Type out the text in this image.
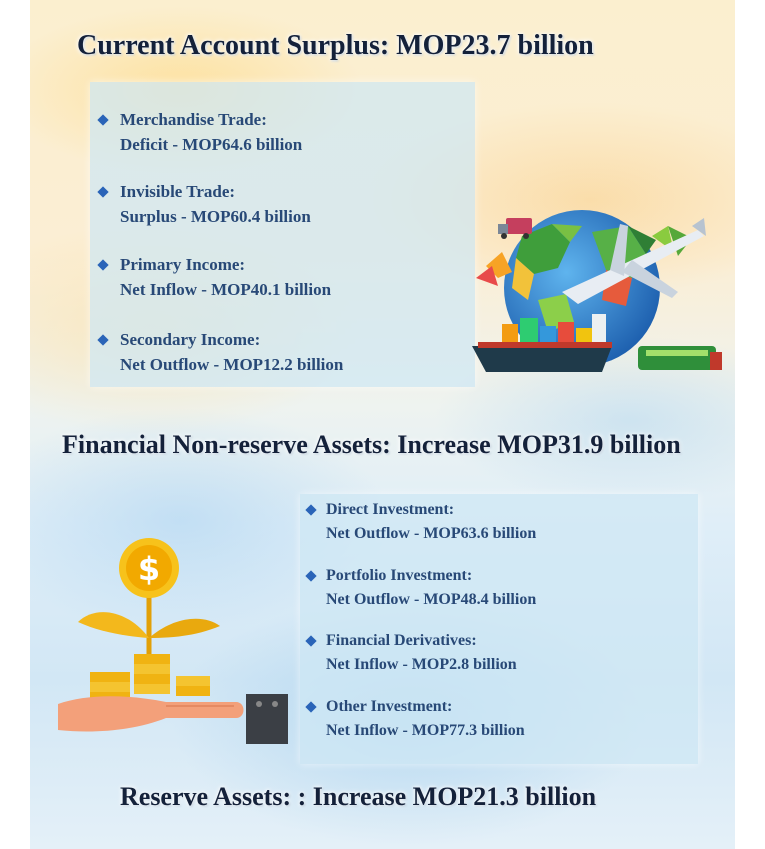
Current Account Surplus: MOP23.7 billion
Merchandise Trade:
Deficit - MOP64.6 billion
Invisible Trade:
Surplus - MOP60.4 billion
Primary Income:
Net Inflow - MOP40.1 billion
Secondary Income:
Net Outflow - MOP12.2 billion
Financial Non-reserve Assets: Increase MOP31.9 billion
$
Direct Investment:
Net Outflow - MOP63.6 billion
Portfolio Investment:
Net Outflow - MOP48.4 billion
Financial Derivatives:
Net Inflow - MOP2.8 billion
Other Investment:
Net Inflow - MOP77.3 billion
Reserve Assets: : Increase MOP21.3 billion
